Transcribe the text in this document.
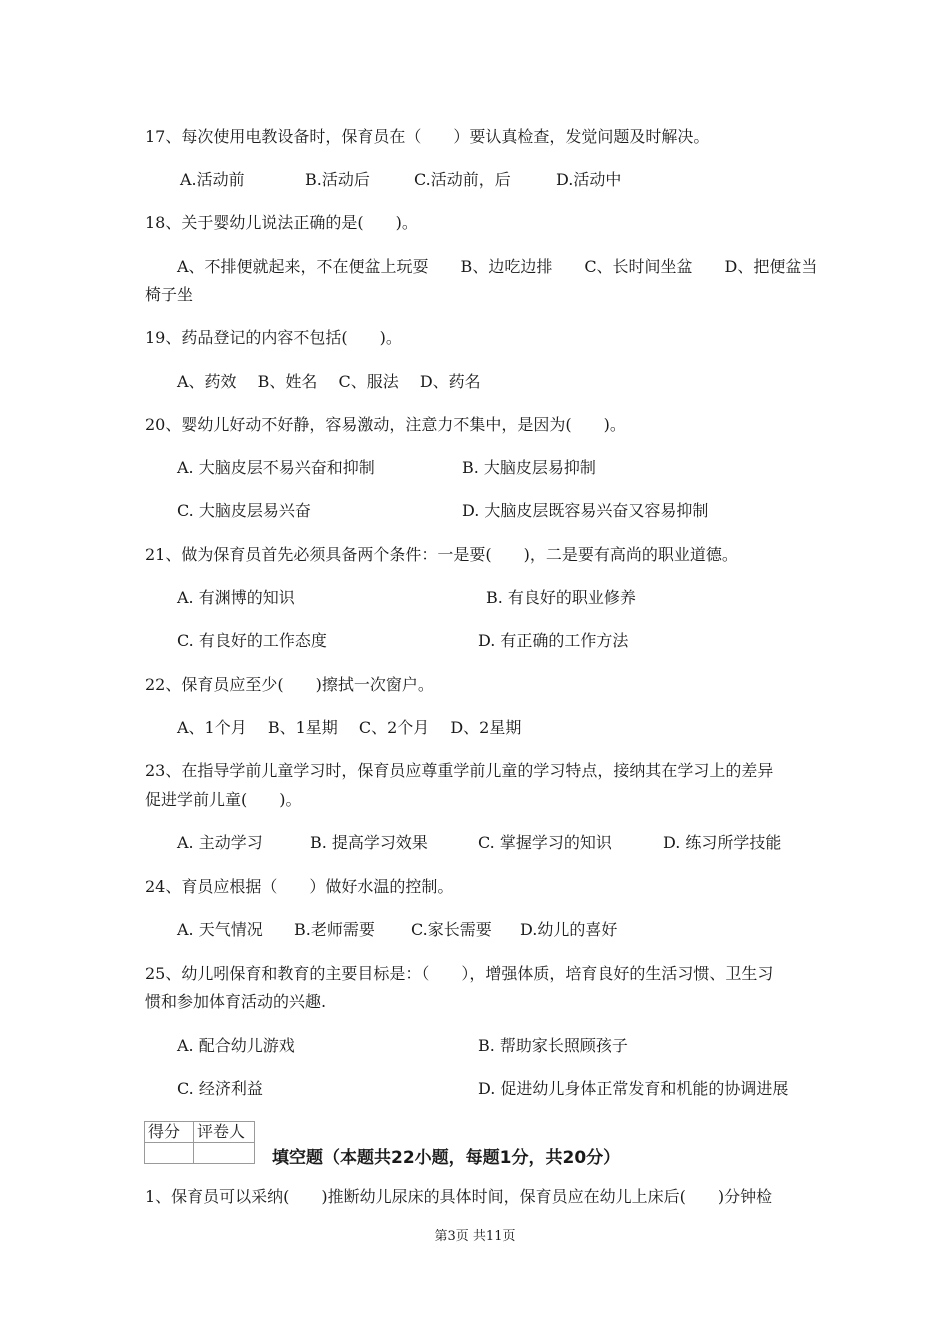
17、每次使用电教设备时，保育员在（　　）要认真检查，发觉问题及时解决。

A.活动前	B.活动后	C.活动前，后	D.活动中

18、关于婴幼儿说法正确的是(　　)。

A、不排便就起来，不在便盆上玩耍　　B、边吃边排　　C、长时间坐盆　　D、把便盆当

椅子坐

19、药品登记的内容不包括(　　)。

A、药效　 B、姓名　 C、服法　 D、药名

20、婴幼儿好动不好静，容易激动，注意力不集中，是因为(　　)。

A. 大脑皮层不易兴奋和抑制	B. 大脑皮层易抑制
C. 大脑皮层易兴奋	D. 大脑皮层既容易兴奋又容易抑制

21、做为保育员首先必须具备两个条件：一是要(　　)，二是要有高尚的职业道德。

A. 有渊博的知识	B. 有良好的职业修养
C. 有良好的工作态度	D. 有正确的工作方法

22、保育员应至少(　　)擦拭一次窗户。

A、1个月　 B、1星期　 C、2个月　 D、2星期

23、在指导学前儿童学习时，保育员应尊重学前儿童的学习特点，接纳其在学习上的差异

促进学前儿童(　　)。

A. 主动学习	B. 提高学习效果	C. 掌握学习的知识	D. 练习所学技能

24、育员应根据（　　）做好水温的控制。

A. 天气情况 B.老师需要 C.家长需要 D.幼儿的喜好

25、幼儿吲保育和教育的主要目标是：（　　），增强体质，培育良好的生活习惯、卫生习

惯和参加体育活动的兴趣.

A. 配合幼儿游戏	B. 帮助家长照顾孩子
C. 经济利益	D. 促进幼儿身体正常发育和机能的协调进展
得分	评卷人

填空题（本题共22小题，每题1分，共20分）

1、保育员可以采纳(　　)推断幼儿尿床的具体时间，保育员应在幼儿上床后(　　)分钟检

第3页 共11页
